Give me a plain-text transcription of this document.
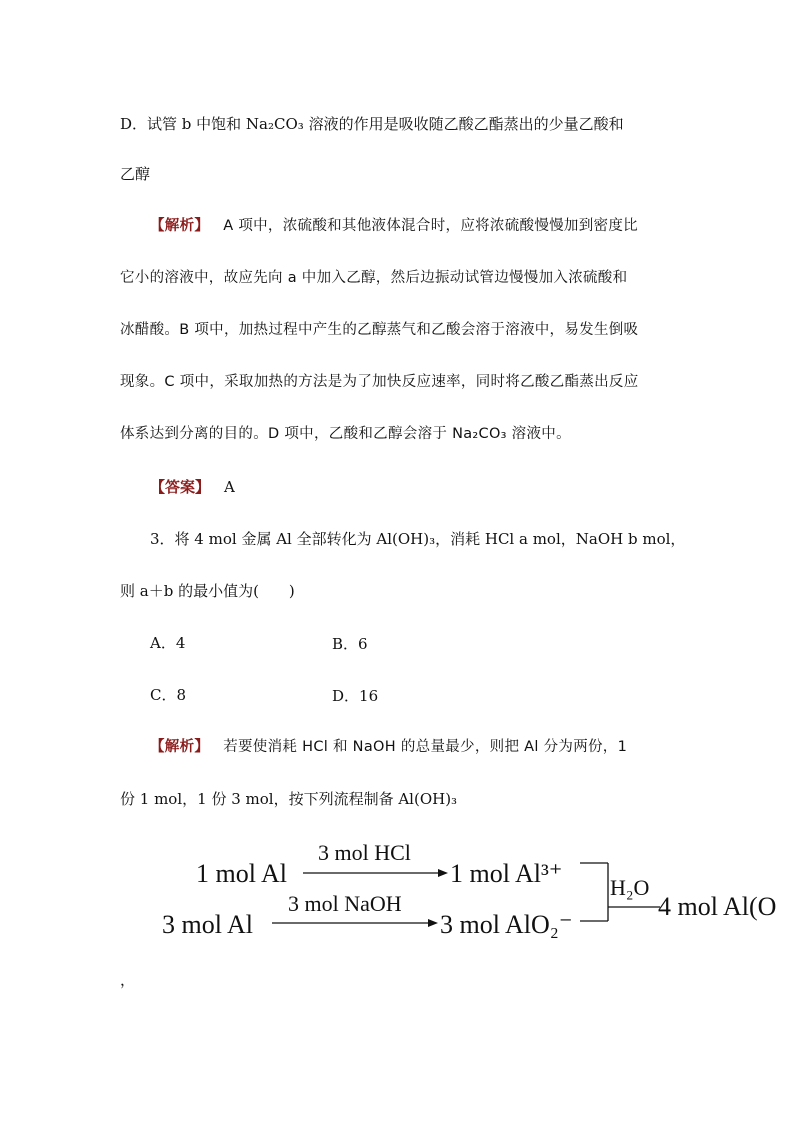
D．试管 b 中饱和 Na₂CO₃ 溶液的作用是吸收随乙酸乙酯蒸出的少量乙酸和
乙醇
【解析】 A 项中，浓硫酸和其他液体混合时，应将浓硫酸慢慢加到密度比
它小的溶液中，故应先向 a 中加入乙醇，然后边振动试管边慢慢加入浓硫酸和
冰醋酸。B 项中，加热过程中产生的乙醇蒸气和乙酸会溶于溶液中，易发生倒吸
现象。C 项中，采取加热的方法是为了加快反应速率，同时将乙酸乙酯蒸出反应
体系达到分离的目的。D 项中，乙酸和乙醇会溶于 Na₂CO₃ 溶液中。
【答案】 A
3．将 4 mol 金属 Al 全部转化为 Al(OH)₃，消耗 HCl a mol，NaOH b mol，
则 a＋b 的最小值为(　　)
A．4	B．6
C．8	D．16
【解析】 若要使消耗 HCl 和 NaOH 的总量最少，则把 Al 分为两份，1
份 1 mol，1 份 3 mol，按下列流程制备 Al(OH)₃
1 mol Al
3 mol HCl
1 mol Al³⁺
3 mol Al
3 mol NaOH
3 mol AlO₂⁻
H₂O
4 mol Al(O
，
